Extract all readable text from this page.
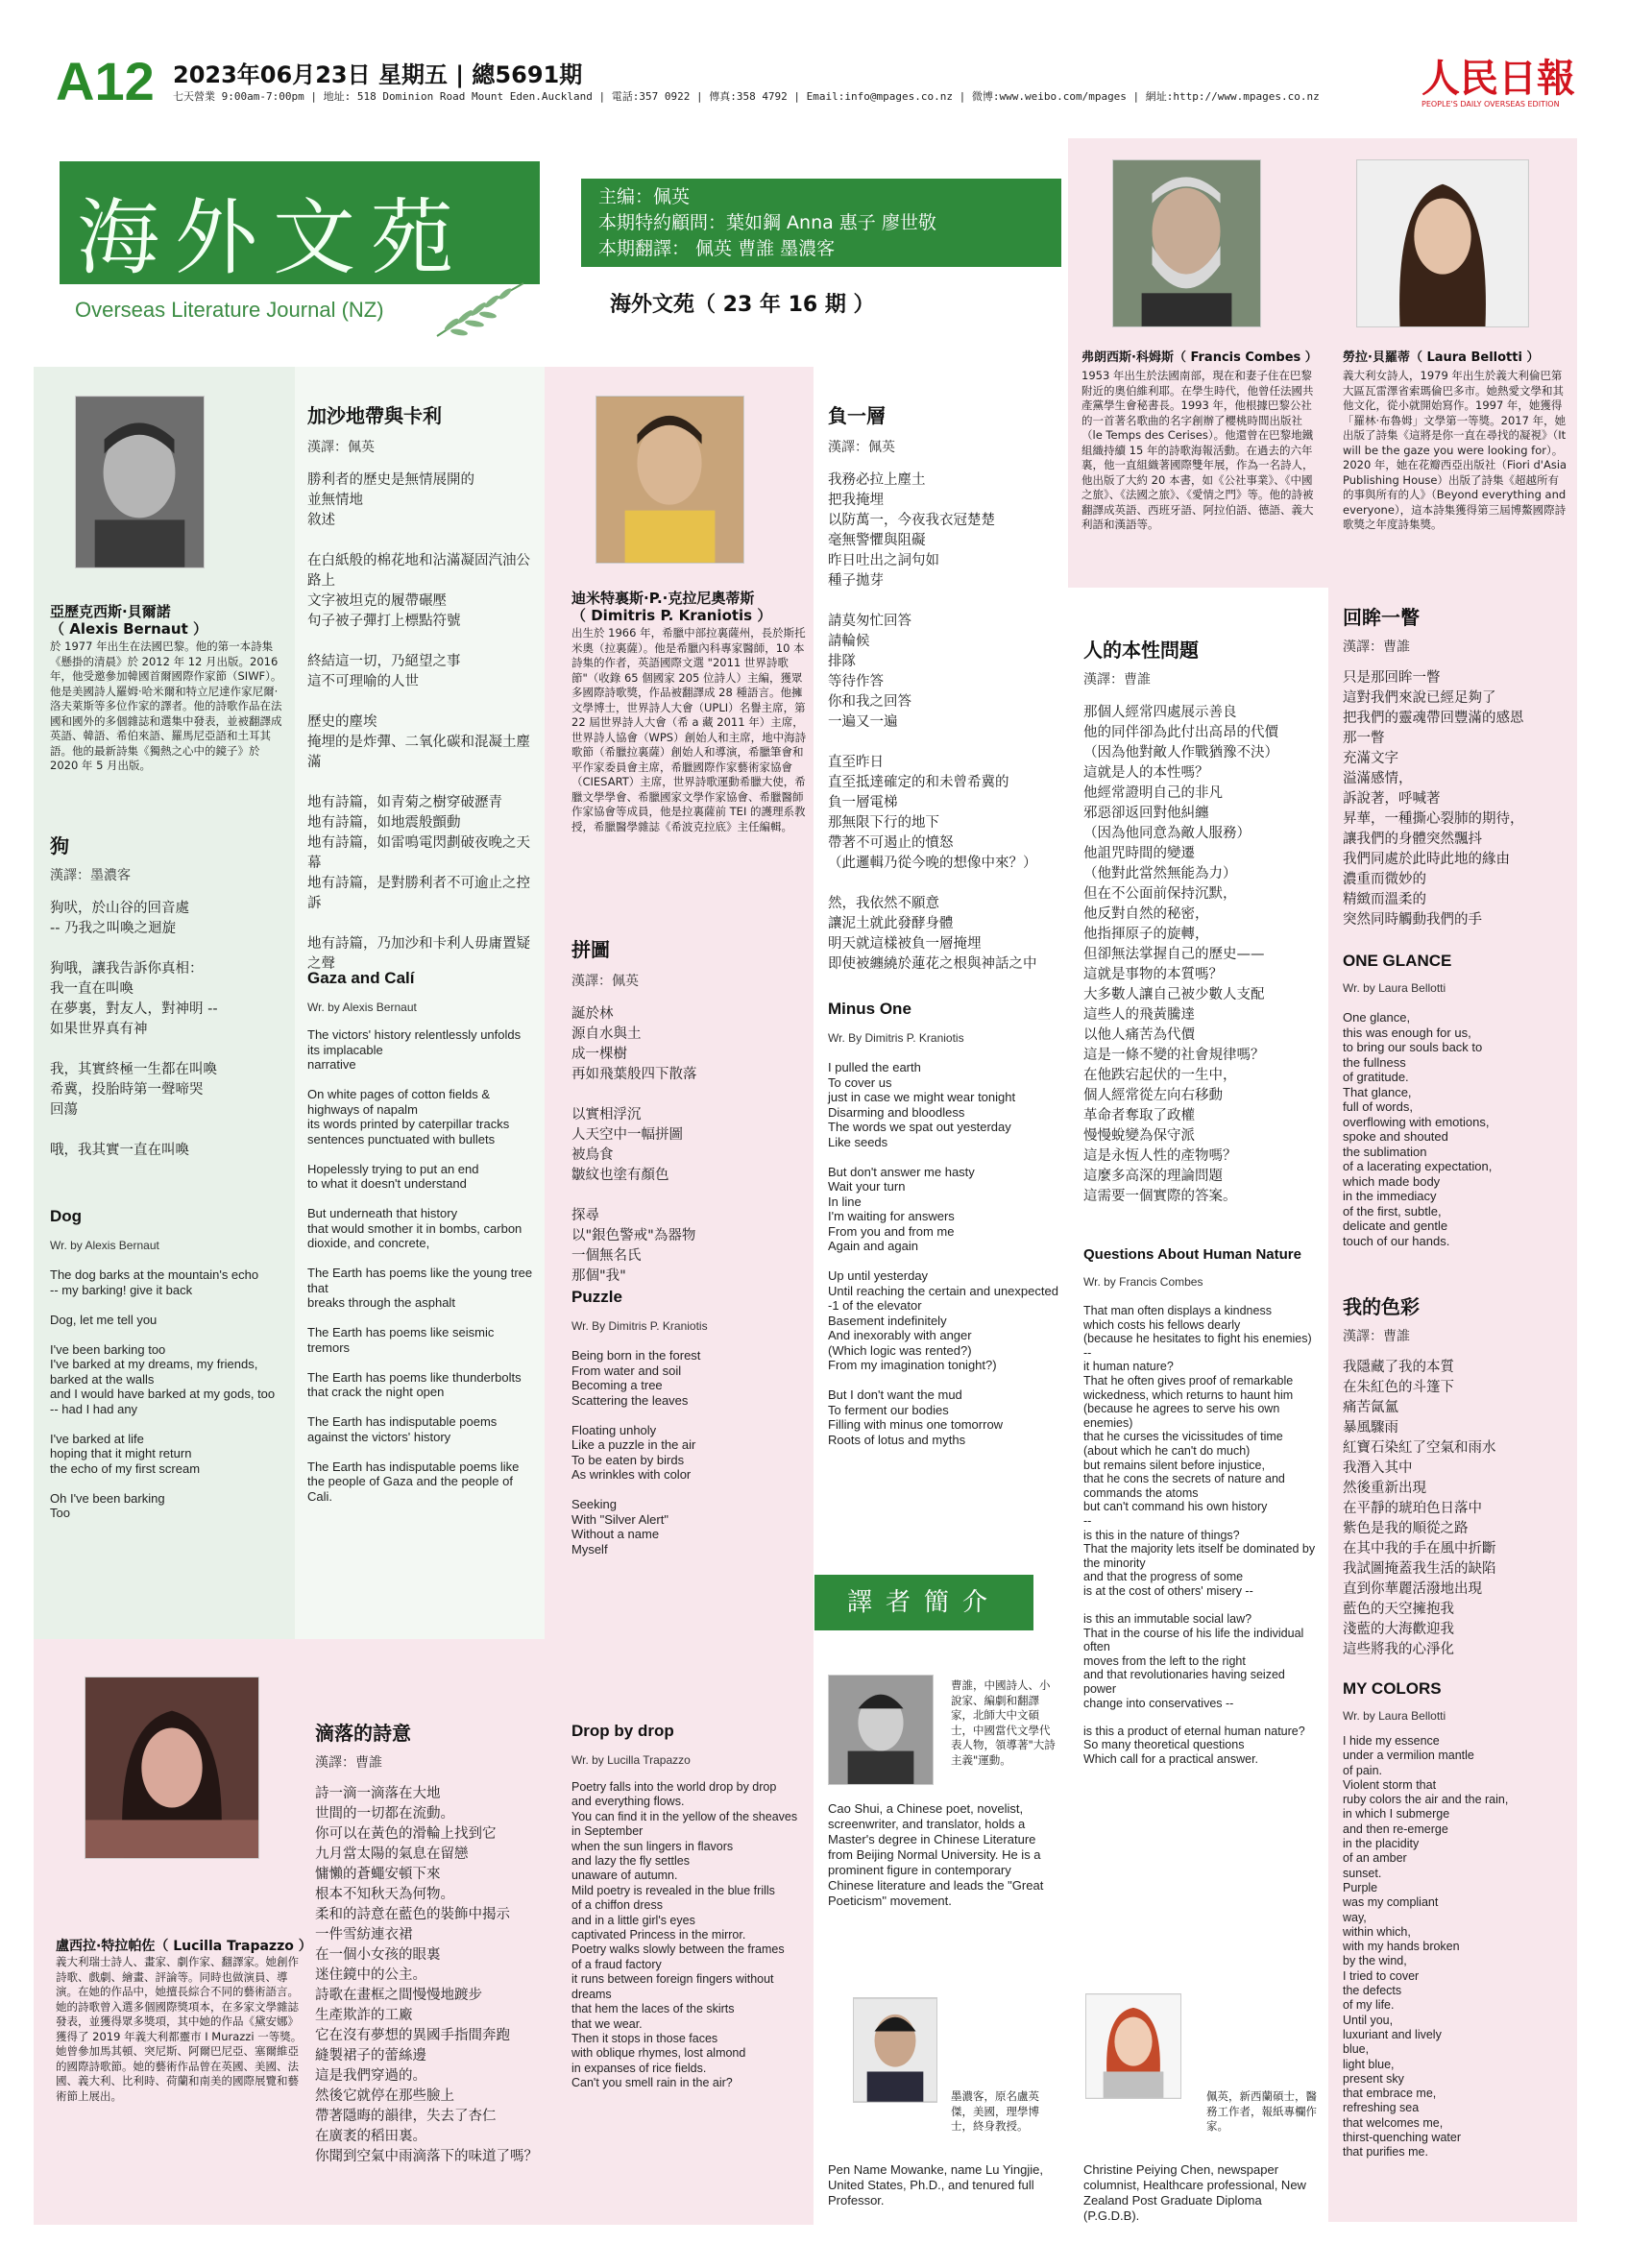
A12 2023年06月23日 星期五 | 總5691期
七天營業 9:00am-7:00pm | 地址: 518 Dominion Road Mount Eden.Auckland | 電話:357 0922 | 傳真:358 4792 | Email:info@mpages.co.nz | 微博:www.weibo.com/mpages | 網址:http://www.mpages.co.nz	人民日報
PEOPLE'S DAILY OVERSEAS EDITION
海外文苑
Overseas Literature Journal (NZ)
主编：佩英
本期特約顧問：葉如鋼 Anna 惠子 廖世敬
本期翻譯： 佩英 曹誰 墨濃客
海外文苑（ 23 年 16 期 ）
亞歷克西斯·貝爾諾
（ Alexis Bernaut ）
於 1977 年出生在法國巴黎。他的第一本詩集《懸掛的清晨》於 2012 年 12 月出版。2016 年，他受邀參加韓國首爾國際作家節（SIWF）。他是美國詩人羅姆·哈米爾和特立尼達作家尼爾·洛夫萊斯等多位作家的譯者。他的詩歌作品在法國和國外的多個雜誌和選集中發表，並被翻譯成英語、韓語、希伯來語、羅馬尼亞語和土耳其語。他的最新詩集《獨熱之心中的鏡子》於 2020 年 5 月出版。
狗
漢譯：墨濃客
狗吠，於山谷的回音處
-- 乃我之叫喚之迴旋

狗哦，讓我告訴你真相：
我一直在叫喚
在夢裏，對友人，對神明 --
如果世界真有神

我，其實終極一生都在叫喚
希冀，投胎時第一聲啼哭
回蕩

哦，我其實一直在叫喚
Dog
Wr. by Alexis Bernaut
The dog barks at the mountain's echo
-- my barking! give it back

Dog, let me tell you

I've been barking too
I've barked at my dreams, my friends, barked at the walls
and I would have barked at my gods, too
-- had I had any

I've barked at life
hoping that it might return
the echo of my first scream

Oh I've been barking
Too
加沙地帶與卡利
漢譯：佩英
勝利者的歷史是無情展開的
並無情地
敘述

在白紙般的棉花地和沾滿凝固汽油公路上
文字被坦克的履帶碾壓
句子被子彈打上標點符號

終結這一切，乃絕望之事
這不可理喻的人世

歷史的塵埃
掩埋的是炸彈、二氧化碳和混凝土塵滿

地有詩篇，如青菊之樹穿破瀝青
地有詩篇，如地震般顫動
地有詩篇，如雷鳴電閃劃破夜晚之天幕
地有詩篇，是對勝利者不可逾止之控訴

地有詩篇，乃加沙和卡利人毋庸置疑之聲
Gaza and Calí
Wr. by Alexis Bernaut
The victors' history relentlessly unfolds
its implacable
narrative

On white pages of cotton fields & highways of napalm
its words printed by caterpillar tracks
sentences punctuated with bullets

Hopelessly trying to put an end
to what it doesn't understand

But underneath that history
that would smother it in bombs, carbon dioxide, and concrete,

The Earth has poems like the young tree that
breaks through the asphalt

The Earth has poems like seismic tremors

The Earth has poems like thunderbolts that crack the night open

The Earth has indisputable poems against the victors' history

The Earth has indisputable poems like the people of Gaza and the people of Cali.
迪米特裏斯·P.·克拉尼奧蒂斯
（ Dimitris P. Kraniotis ）
出生於 1966 年，希臘中部拉裏薩州，長於斯托米奧（拉裏薩）。他是希臘內科專家醫師，10 本詩集的作者，英語國際文選 "2011 世界詩歌節"（收錄 65 個國家 205 位詩人）主編，獲眾多國際詩歌獎，作品被翻譯成 28 種語言。他擁文學博士，世界詩人大會（UPLI）名譽主席，第 22 屆世界詩人大會（希 a 藏 2011 年）主席，世界詩人協會（WPS）創始人和主席，地中海詩歌節（希臘拉裏薩）創始人和導演，希臘筆會和平作家委員會主席，希臘國際作家藝術家協會（CIESART）主席，世界詩歌運動希臘大使，希臘文學學會、希臘國家文學作家協會、希臘醫師作家協會等成員，他是拉裏薩前 TEI 的護理系教授，希臘醫學雜誌《希波克拉底》主任編輯。
拼圖
漢譯：佩英
誕於林
源自水與土
成一棵樹
再如飛葉般四下散落

以實相浮沉
人天空中一幅拼圖
被鳥食
皺紋也塗有顏色

探尋
以"銀色警戒"為器物
一個無名氏
那個"我"
Puzzle
Wr. By Dimitris P. Kraniotis
Being born in the forest
From water and soil
Becoming a tree
Scattering the leaves

Floating unholy
Like a puzzle in the air
To be eaten by birds
As wrinkles with color

Seeking
With "Silver Alert"
Without a name
Myself
負一層
漢譯：佩英
我務必拉上塵土
把我掩埋
以防萬一，今夜我衣冠楚楚
毫無警懼與阻礙
昨日吐出之詞句如
種子拋芽

請莫匆忙回答
請輪候
排隊
等待作答
你和我之回答
一遍又一遍

直至昨日
直至抵達確定的和未曾希冀的
負一層電梯
那無限下行的地下
帶著不可遏止的憤怒
（此邏輯乃從今晚的想像中來？）

然，我依然不願意
讓泥土就此發酵身體
明天就這樣被負一層掩埋
即使被纏繞於蓮花之根與神話之中
Minus One
Wr. By Dimitris P. Kraniotis
I pulled the earth
To cover us
just in case we might wear tonight
Disarming and bloodless
The words we spat out yesterday
Like seeds

But don't answer me hasty
Wait your turn
In line
I'm waiting for answers
From you and from me
Again and again

Up until yesterday
Until reaching the certain and unexpected
-1 of the elevator
Basement indefinitely
And inexorably with anger
(Which logic was rented?)
From my imagination tonight?)

But I don't want the mud
To ferment our bodies
Filling with minus one tomorrow
Roots of lotus and myths
弗朗西斯·科姆斯（ Francis Combes ）
1953 年出生於法國南部，現在和妻子住在巴黎附近的奧伯維利耶。在學生時代，他曾任法國共產黨學生會秘書長。1993 年，他根據巴黎公社的一首著名歌曲的名字創辦了櫻桃時間出版社（le Temps des Cerises）。他還曾在巴黎地鐵組織持續 15 年的詩歌海報活動。在過去的六年裏，他一直組織著國際雙年展，作為一名詩人，他出版了大約 20 本書，如《公社事業》、《中國之旅》、《法國之旅》、《愛情之門》等。他的詩被翻譯成英語、西班牙語、阿拉伯語、德語、義大利語和漢語等。
人的本性問題
漢譯：曹誰
那個人經常四處展示善良
他的同伴卻為此付出高昂的代價
（因為他對敵人作戰猶豫不決）
這就是人的本性嗎？
他經常證明自己的非凡
邪惡卻返回對他糾纏
（因為他同意為敵人服務）
他詛咒時間的變遷
（他對此當然無能為力）
但在不公面前保持沉默，
他反對自然的秘密，
他指揮原子的旋轉，
但卻無法掌握自己的歷史——
這就是事物的本質嗎？
大多數人讓自己被少數人支配
這些人的飛黃騰達
以他人痛苦為代價
這是一條不變的社會規律嗎？
在他跌宕起伏的一生中，
個人經常從左向右移動
革命者奪取了政權
慢慢蛻變為保守派
這是永恆人性的產物嗎？
這麼多高深的理論問題
這需要一個實際的答案。
Questions About Human Nature
Wr. by Francis Combes
That man often displays a kindness
which costs his fellows dearly
(because he hesitates to fight his enemies) --
it human nature?
That he often gives proof of remarkable
wickedness, which returns to haunt him
(because he agrees to serve his own enemies)
that he curses the vicissitudes of time
(about which he can't do much)
but remains silent before injustice,
that he cons the secrets of nature and commands the atoms
but can't command his own history
--
is this in the nature of things?
That the majority lets itself be dominated by the minority
and that the progress of some
is at the cost of others' misery --

is this an immutable social law?
That in the course of his life the individual often
moves from the left to the right
and that revolutionaries having seized power
change into conservatives --

is this a product of eternal human nature?
So many theoretical questions
Which call for a practical answer.
勞拉·貝羅蒂（ Laura Bellotti ）
義大利女詩人，1979 年出生於義大利倫巴第大區瓦雷澤省索瑪倫巴多市。她熱愛文學和其他文化，從小就開始寫作。1997 年，她獲得「羅林·布魯姆」文學第一等獎。2017 年，她出版了詩集《這將是你一直在尋找的凝視》（It will be the gaze you were looking for）。2020 年，她在花瓣西亞出版社（Fiori d'Asia Publishing House）出版了詩集《超越所有的事與所有的人》（Beyond everything and everyone），這本詩集獲得第三屆博鰲國際詩歌獎之年度詩集獎。
回眸一瞥
漢譯：曹誰
只是那回眸一瞥
這對我們來說已經足夠了
把我們的靈魂帶回豐滿的感恩
那一瞥
充滿文字
溢滿感情，
訴說著，呼喊著
昇華，一種撕心裂肺的期待，
讓我們的身體突然飄抖
我們同處於此時此地的緣由
濃重而微妙的
精緻而溫柔的
突然同時觸動我們的手
ONE GLANCE
Wr. by Laura Bellotti
One glance,
this was enough for us,
to bring our souls back to
the fullness
of gratitude.
That glance,
full of words,
overflowing with emotions,
spoke and shouted
the sublimation
of a lacerating expectation,
which made body
in the immediacy
of the first, subtle,
delicate and gentle
touch of our hands.
我的色彩
漢譯：曹誰
我隱藏了我的本質
在朱紅色的斗篷下
痛苦氤氳
暴風驟雨
紅寶石染紅了空氣和雨水
我潛入其中
然後重新出現
在平靜的琥珀色日落中
紫色是我的順從之路
在其中我的手在風中折斷
我試圖掩蓋我生活的缺陷
直到你華麗活潑地出現
藍色的天空擁抱我
淺藍的大海歡迎我
這些將我的心淨化
MY COLORS
Wr. by Laura Bellotti
I hide my essence
under a vermilion mantle
of pain.
Violent storm that
ruby colors the air and the rain,
in which I submerge
and then re-emerge
in the placidity
of an amber
sunset.
Purple
was my compliant
way,
within which,
with my hands broken
by the wind,
I tried to cover
the defects
of my life.
Until you,
luxuriant and lively
blue,
light blue,
present sky
that embrace me,
refreshing sea
that welcomes me,
thirst-quenching water
that purifies me.
盧西拉·特拉帕佐（ Lucilla Trapazzo ）
義大利瑞士詩人、畫家、劇作家、翻譯家。她創作詩歌、戲劇、繪畫、評論等。同時也做演員、導演。在她的作品中，她擅長綜合不同的藝術語言。她的詩歌曾入選多個國際獎項本，在多家文學雜誌發表，並獲得眾多獎項，其中她的作品《黛安娜》獲得了 2019 年義大利都靈市 I Murazzi 一等獎。她曾參加馬其頓、突尼斯、阿爾巴尼亞、塞爾維亞的國際詩歌節。她的藝術作品曾在英國、美國、法國、義大利、比利時、荷蘭和南美的國際展覽和藝術節上展出。
滴落的詩意
漢譯：曹誰
詩一滴一滴落在大地
世間的一切都在流動。
你可以在黃色的滑輪上找到它
九月當太陽的氣息在留戀
慵懶的蒼蠅安頓下來
根本不知秋天為何物。
柔和的詩意在藍色的裝飾中揭示
一件雪紡連衣裙
在一個小女孩的眼裏
迷住鏡中的公主。
詩歌在畫框之間慢慢地踱步
生產欺詐的工廠
它在沒有夢想的異國手指間奔跑
縫製裙子的蕾絲邊
這是我們穿過的。
然後它就停在那些臉上
帶著隱晦的韻律，失去了杏仁
在廣袤的稻田裏。
你聞到空氣中雨滴落下的味道了嗎？
Drop by drop
Wr. by Lucilla Trapazzo
Poetry falls into the world drop by drop
and everything flows.
You can find it in the yellow of the sheaves
in September
when the sun lingers in flavors
and lazy the fly settles
unaware of autumn.
Mild poetry is revealed in the blue frills
of a chiffon dress
and in a little girl's eyes
captivated Princess in the mirror.
Poetry walks slowly between the frames
of a fraud factory
it runs between foreign fingers without dreams
that hem the laces of the skirts
that we wear.
Then it stops in those faces
with oblique rhymes, lost almond
in expanses of rice fields.
Can't you smell rain in the air?
譯者簡介
曹誰，中國詩人、小說家、編劇和翻譯家，北師大中文碩士，中國當代文學代表人物，領導著"大詩主義"運動。
Cao Shui, a Chinese poet, novelist, screenwriter, and translator, holds a Master's degree in Chinese Literature from Beijing Normal University. He is a prominent figure in contemporary Chinese literature and leads the "Great Poeticism" movement.
墨濃客，原名盧英傑，美國，理學博士，終身教授。
Pen Name Mowanke, name Lu Yingjie, United States, Ph.D., and tenured full Professor.
佩英，新西蘭碩士，醫務工作者，報紙專欄作家。
Christine Peiying Chen, newspaper columnist, Healthcare professional, New Zealand Post Graduate Diploma (P.G.D.B).
